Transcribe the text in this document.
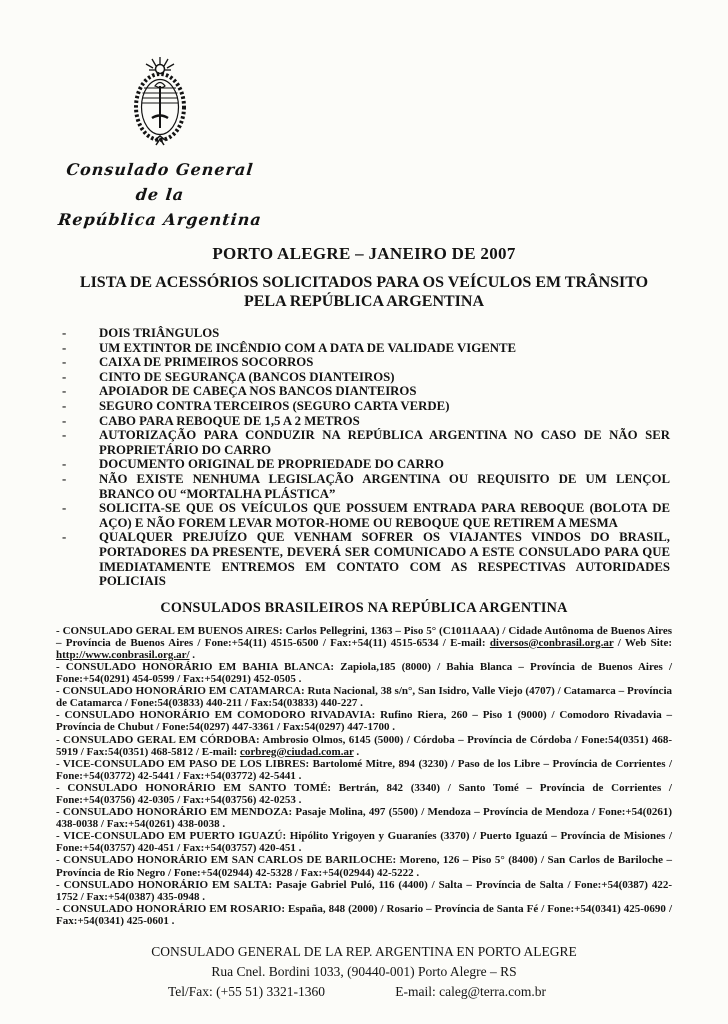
Consulado General
de la
República Argentina
PORTO ALEGRE – JANEIRO DE 2007
LISTA DE ACESSÓRIOS SOLICITADOS PARA OS VEÍCULOS EM TRÂNSITO PELA REPÚBLICA ARGENTINA
-	DOIS TRIÂNGULOS
-	UM EXTINTOR DE INCÊNDIO COM A DATA DE VALIDADE VIGENTE
-	CAIXA DE PRIMEIROS SOCORROS
-	CINTO DE SEGURANÇA (BANCOS DIANTEIROS)
-	APOIADOR DE CABEÇA NOS BANCOS DIANTEIROS
-	SEGURO CONTRA TERCEIROS (SEGURO CARTA VERDE)
-	CABO PARA REBOQUE DE 1,5 A 2 METROS
-	AUTORIZAÇÃO PARA CONDUZIR NA REPÚBLICA ARGENTINA NO CASO DE NÃO SER PROPRIETÁRIO DO CARRO
-	DOCUMENTO ORIGINAL DE PROPRIEDADE DO CARRO
-	NÃO EXISTE NENHUMA LEGISLAÇÃO ARGENTINA OU REQUISITO DE UM LENÇOL BRANCO OU “MORTALHA PLÁSTICA”
-	SOLICITA-SE QUE OS VEÍCULOS QUE POSSUEM ENTRADA PARA REBOQUE (BOLOTA DE AÇO) E NÃO FOREM LEVAR MOTOR-HOME OU REBOQUE QUE RETIREM A MESMA
-	QUALQUER PREJUÍZO QUE VENHAM SOFRER OS VIAJANTES VINDOS DO BRASIL, PORTADORES DA PRESENTE, DEVERÁ SER COMUNICADO A ESTE CONSULADO PARA QUE IMEDIATAMENTE ENTREMOS EM CONTATO COM AS RESPECTIVAS AUTORIDADES POLICIAIS
CONSULADOS BRASILEIROS NA REPÚBLICA ARGENTINA

- CONSULADO GERAL EM BUENOS AIRES: Carlos Pellegrini, 1363 – Piso 5° (C1011AAA) / Cidade Autônoma de Buenos Aires – Província de Buenos Aires / Fone:+54(11) 4515-6500 / Fax:+54(11) 4515-6534 / E-mail: diversos@conbrasil.org.ar / Web Site: http://www.conbrasil.org.ar/ .

- CONSULADO HONORÁRIO EM BAHIA BLANCA: Zapiola,185 (8000) / Bahia Blanca – Província de Buenos Aires / Fone:+54(0291) 454-0599 / Fax:+54(0291) 452-0505 .

- CONSULADO HONORÁRIO EM CATAMARCA: Ruta Nacional, 38 s/n°, San Isidro, Valle Viejo (4707) / Catamarca – Província de Catamarca / Fone:54(03833) 440-211 / Fax:54(03833) 440-227 .

- CONSULADO HONORÁRIO EM COMODORO RIVADAVIA: Rufino Riera, 260 – Piso 1 (9000) / Comodoro Rivadavia – Província de Chubut / Fone:54(0297) 447-3361 / Fax:54(0297) 447-1700 .

- CONSULADO GERAL EM CÓRDOBA: Ambrosio Olmos, 6145 (5000) / Córdoba – Província de Córdoba / Fone:54(0351) 468-5919 / Fax:54(0351) 468-5812 / E-mail: corbreg@ciudad.com.ar .

- VICE-CONSULADO EM PASO DE LOS LIBRES: Bartolomé Mitre, 894 (3230) / Paso de los Libre – Província de Corrientes / Fone:+54(03772) 42-5441 / Fax:+54(03772) 42-5441 .

- CONSULADO HONORÁRIO EM SANTO TOMÉ: Bertrán, 842 (3340) / Santo Tomé – Província de Corrientes / Fone:+54(03756) 42-0305 / Fax:+54(03756) 42-0253 .

- CONSULADO HONORÁRIO EM MENDOZA: Pasaje Molina, 497 (5500) / Mendoza – Província de Mendoza / Fone:+54(0261) 438-0038 / Fax:+54(0261) 438-0038 .

- VICE-CONSULADO EM PUERTO IGUAZÚ: Hipólito Yrigoyen y Guaraníes (3370) / Puerto Iguazú – Província de Misiones / Fone:+54(03757) 420-451 / Fax:+54(03757) 420-451 .

- CONSULADO HONORÁRIO EM SAN CARLOS DE BARILOCHE: Moreno, 126 – Piso 5° (8400) / San Carlos de Bariloche – Província de Rio Negro / Fone:+54(02944) 42-5328 / Fax:+54(02944) 42-5222 .

- CONSULADO HONORÁRIO EM SALTA: Pasaje Gabriel Puló, 116 (4400) / Salta – Província de Salta / Fone:+54(0387) 422-1752 / Fax:+54(0387) 435-0948 .

- CONSULADO HONORÁRIO EM ROSARIO: España, 848 (2000) / Rosario – Província de Santa Fé / Fone:+54(0341) 425-0690 / Fax:+54(0341) 425-0601 .

CONSULADO GENERAL DE LA REP. ARGENTINA EN PORTO ALEGRE
Rua Cnel. Bordini 1033, (90440-001) Porto Alegre – RS
Tel/Fax: (+55 51) 3321-1360	E-mail: caleg@terra.com.br
